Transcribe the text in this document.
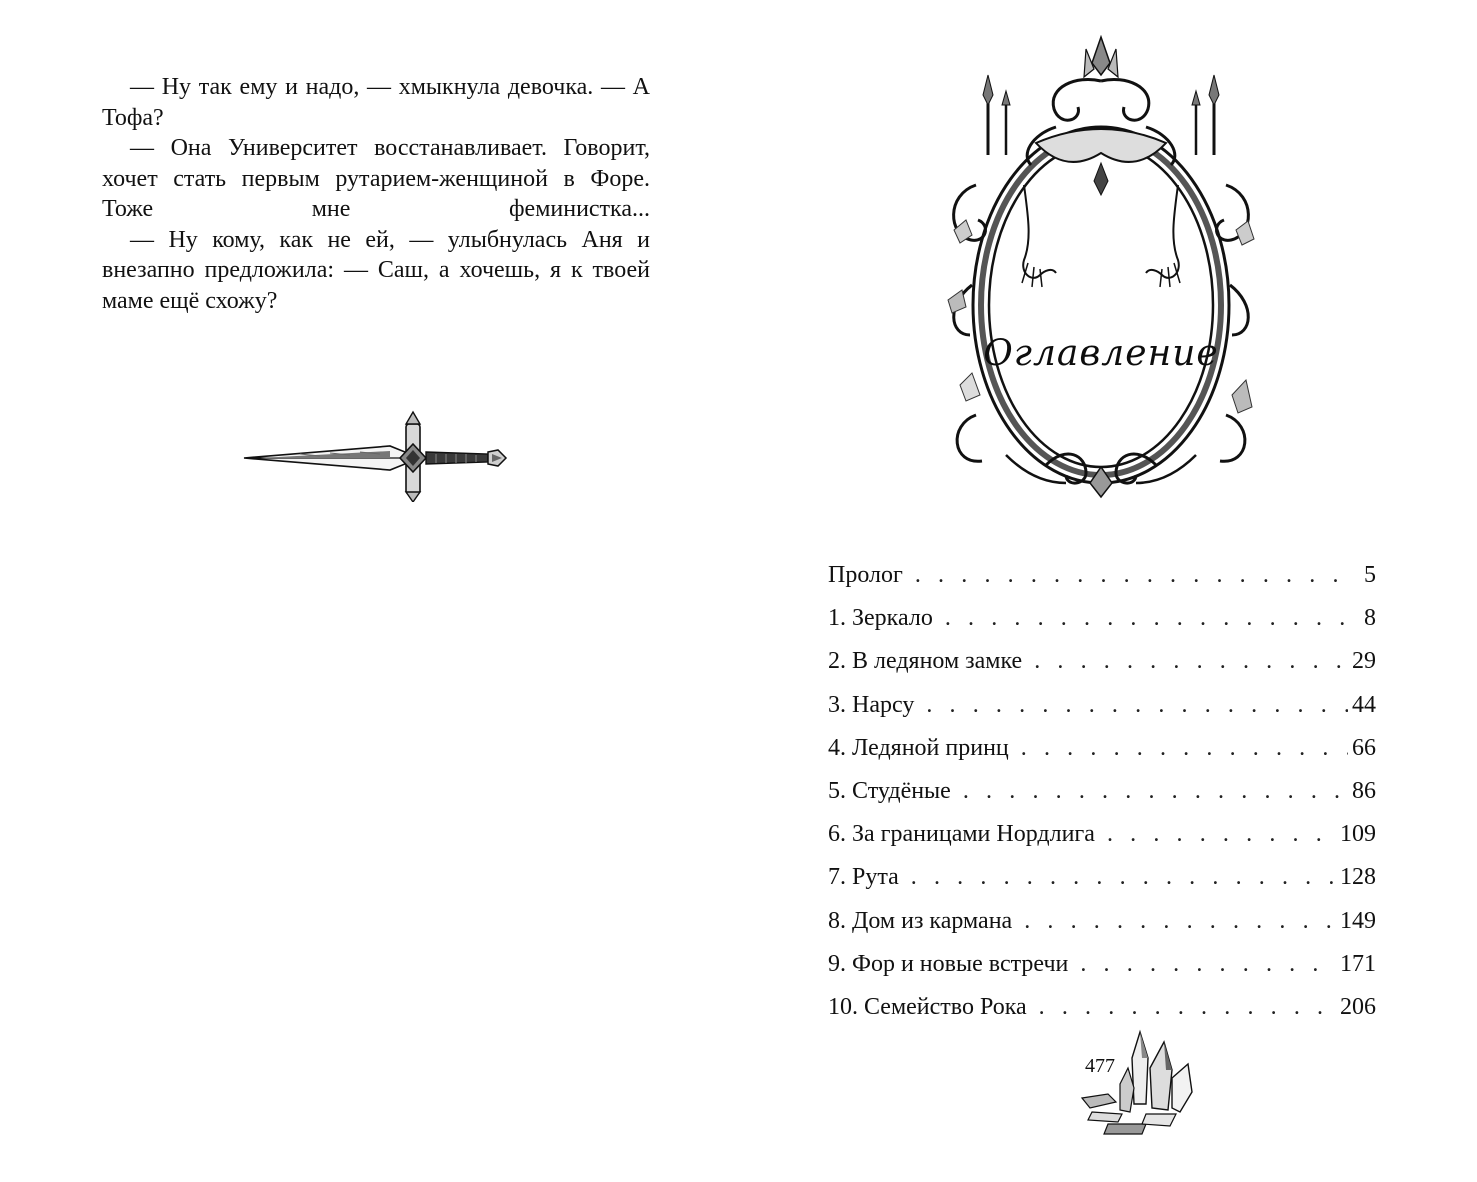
— Ну так ему и надо, — хмыкнула девочка. — А Тофа?

— Она Университет восстанавливает. Говорит, хочет стать первым рутарием-женщиной в Форе. Тоже мне феминистка...

— Ну кому, как не ей, — улыбнулась Аня и внезапно предложила: — Саш, а хочешь, я к твоей маме ещё схожу?

Оглавление
Пролог . . .	5
1. Зеркало . . .	8
2. В ледяном замке . . .	29
3. Нарсу . . .	44
4. Ледяной принц . . .	66
5. Студёные . . .	86
6. За границами Нордлига . . .	109
7. Рута . . .	128
8. Дом из кармана . . .	149
9. Фор и новые встречи . . .	171
10. Семейство Рока . . .	206
477
